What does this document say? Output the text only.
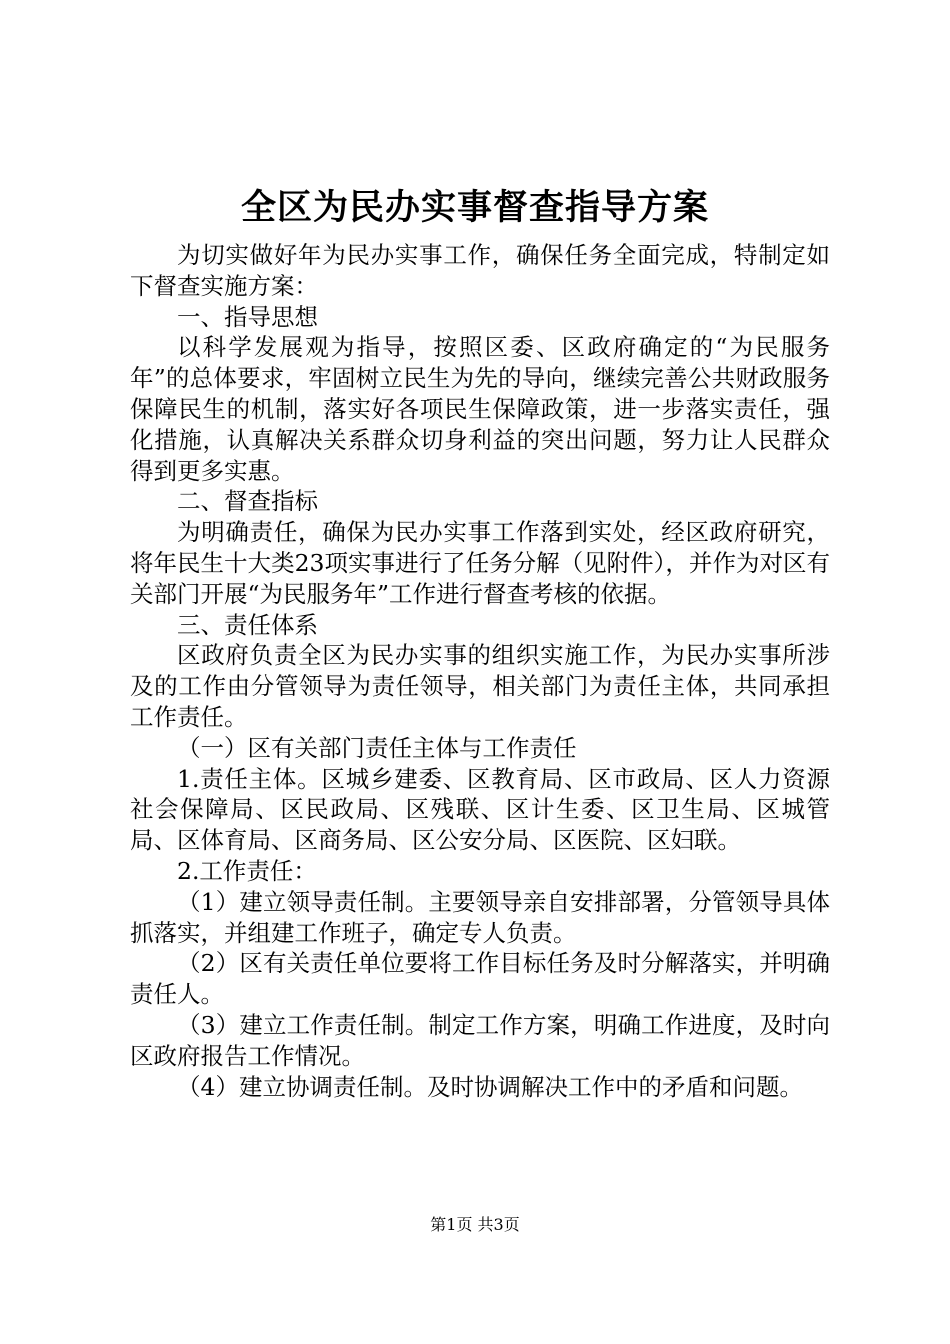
全区为民办实事督查指导方案

为切实做好年为民办实事工作，确保任务全面完成，特制定如下督查实施方案：

一、指导思想

以科学发展观为指导，按照区委、区政府确定的“为民服务年”的总体要求，牢固树立民生为先的导向，继续完善公共财政服务保障民生的机制，落实好各项民生保障政策，进一步落实责任，强化措施，认真解决关系群众切身利益的突出问题，努力让人民群众得到更多实惠。

二、督查指标

为明确责任，确保为民办实事工作落到实处，经区政府研究，将年民生十大类23项实事进行了任务分解（见附件），并作为对区有关部门开展“为民服务年”工作进行督查考核的依据。

三、责任体系

区政府负责全区为民办实事的组织实施工作，为民办实事所涉及的工作由分管领导为责任领导，相关部门为责任主体，共同承担工作责任。

（一）区有关部门责任主体与工作责任

1.责任主体。区城乡建委、区教育局、区市政局、区人力资源社会保障局、区民政局、区残联、区计生委、区卫生局、区城管局、区体育局、区商务局、区公安分局、区医院、区妇联。

2.工作责任：

（1）建立领导责任制。主要领导亲自安排部署，分管领导具体抓落实，并组建工作班子，确定专人负责。

（2）区有关责任单位要将工作目标任务及时分解落实，并明确责任人。

（3）建立工作责任制。制定工作方案，明确工作进度，及时向区政府报告工作情况。

（4）建立协调责任制。及时协调解决工作中的矛盾和问题。

第1页 共3页
